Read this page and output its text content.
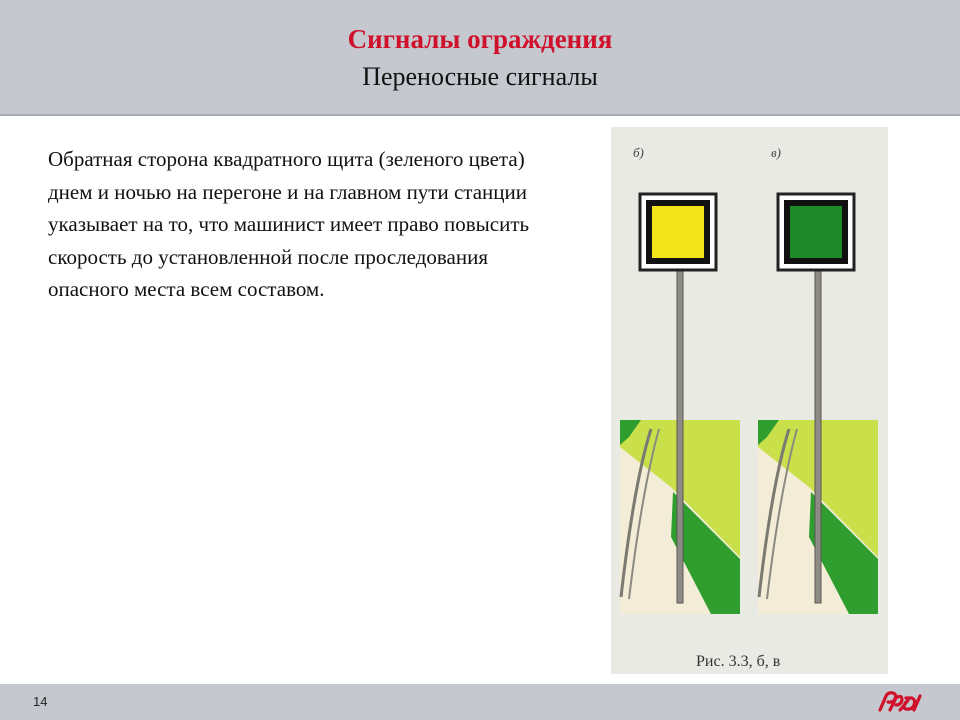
Сигналы ограждения
Переносные сигналы

Обратная сторона квадратного щита (зеленого цвета) днем и ночью на перегоне и на главном пути станции указывает на то, что машинист имеет право повысить скорость до установленной после проследования опасного места всем составом.

б)	в)
Рис. 3.3, б, в
14
